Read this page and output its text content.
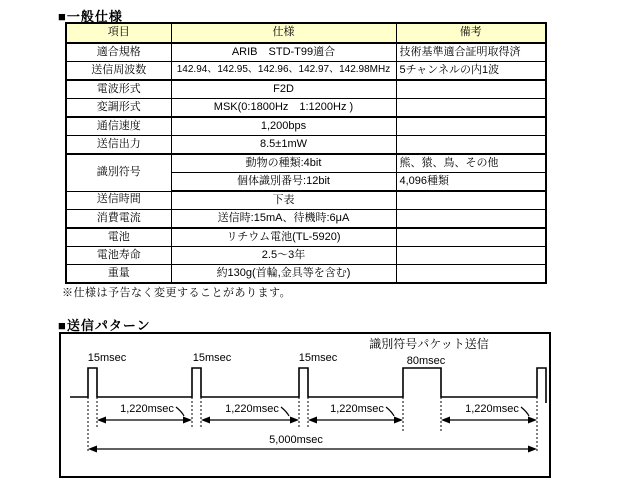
■一般仕様
項目	仕様	備考
適合規格	ARIB　STD-T99適合	技術基準適合証明取得済
送信周波数	142.94、142.95、142.96、142.97、142.98MHz	5チャンネルの内1波
電波形式	F2D	
変調形式	MSK(0:1800Hz　1:1200Hz )	
通信速度	1,200bps	
送信出力	8.5±1mW	
識別符号	動物の種類:4bit	熊、猿、鳥、その他
	個体識別番号:12bit	4,096種類
送信時間	下表	
消費電流	送信時:15mA、待機時:6μA	
電池	リチウム電池(TL-5920)	
電池寿命	2.5〜3年	
重量	約130g(首輪,金具等を含む)	
※仕様は予告なく変更することがあります。
■送信パターン
15msec	15msec	15msec
識別符号パケット送信
80msec
1,220msec	1,220msec	1,220msec	1,220msec
5,000msec
